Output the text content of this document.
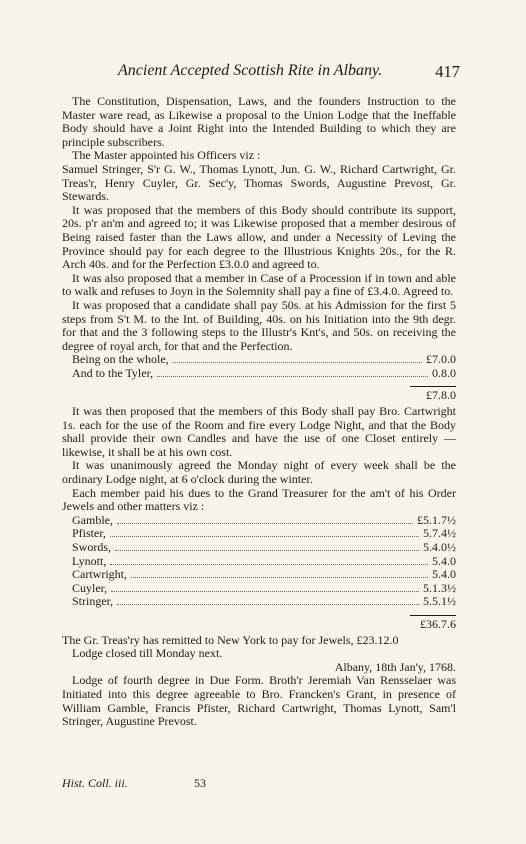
Ancient Accepted Scottish Rite in Albany.	417

The Constitution, Dispensation, Laws, and the founders Instruction to the Master ware read, as Likewise a proposal to the Union Lodge that the Ineffable Body should have a Joint Right into the Intended Building to which they are principle subscribers.

The Master appointed his Officers viz :

Samuel Stringer, S'r G. W., Thomas Lynott, Jun. G. W., Richard Cartwright, Gr. Treas'r, Henry Cuyler, Gr. Sec'y, Thomas Swords, Augustine Prevost, Gr. Stewards.

It was proposed that the members of this Body should contribute its support, 20s. p'r an'm and agreed to; it was Likewise proposed that a member desirous of Being raised faster than the Laws allow, and under a Necessity of Leving the Province should pay for each degree to the Illustrious Knights 20s., for the R. Arch 40s. and for the Perfection £3.0.0 and agreed to.

It was also proposed that a member in Case of a Procession if in town and able to walk and refuses to Joyn in the Solemnity shall pay a fine of £3.4.0. Agreed to.

It was proposed that a candidate shall pay 50s. at his Admission for the first 5 steps from S't M. to the Int. of Building, 40s. on his Initiation into the 9th degr. for that and the 3 following steps to the Illustr's Knt's, and 50s. on receiving the degree of royal arch, for that and the Perfection.

Being on the whole,	£7.0.0
And to the Tyler,	0.8.0
£7.8.0

It was then proposed that the members of this Body shall pay Bro. Cartwright 1s. each for the use of the Room and fire every Lodge Night, and that the Body shall provide their own Candles and have the use of one Closet entirely — likewise, it shall be at his own cost.

It was unanimously agreed the Monday night of every week shall be the ordinary Lodge night, at 6 o'clock during the winter.

Each member paid his dues to the Grand Treasurer for the am't of his Order Jewels and other matters viz :

Gamble,	£5.1.7½
Pfister,	5.7.4½
Swords,	5.4.0½
Lynott,	5.4.0
Cartwright,	5.4.0
Cuyler,	5.1.3½
Stringer,	5.5.1½
£36.7.6

The Gr. Treas'ry has remitted to New York to pay for Jewels, £23.12.0

Lodge closed till Monday next.

Albany, 18th Jan'y, 1768.

Lodge of fourth degree in Due Form. Broth'r Jeremiah Van Rensselaer was Initiated into this degree agreeable to Bro. Francken's Grant, in presence of William Gamble, Francis Pfister, Richard Cartwright, Thomas Lynott, Sam'l Stringer, Augustine Prevost.

Hist. Coll. iii.	53
